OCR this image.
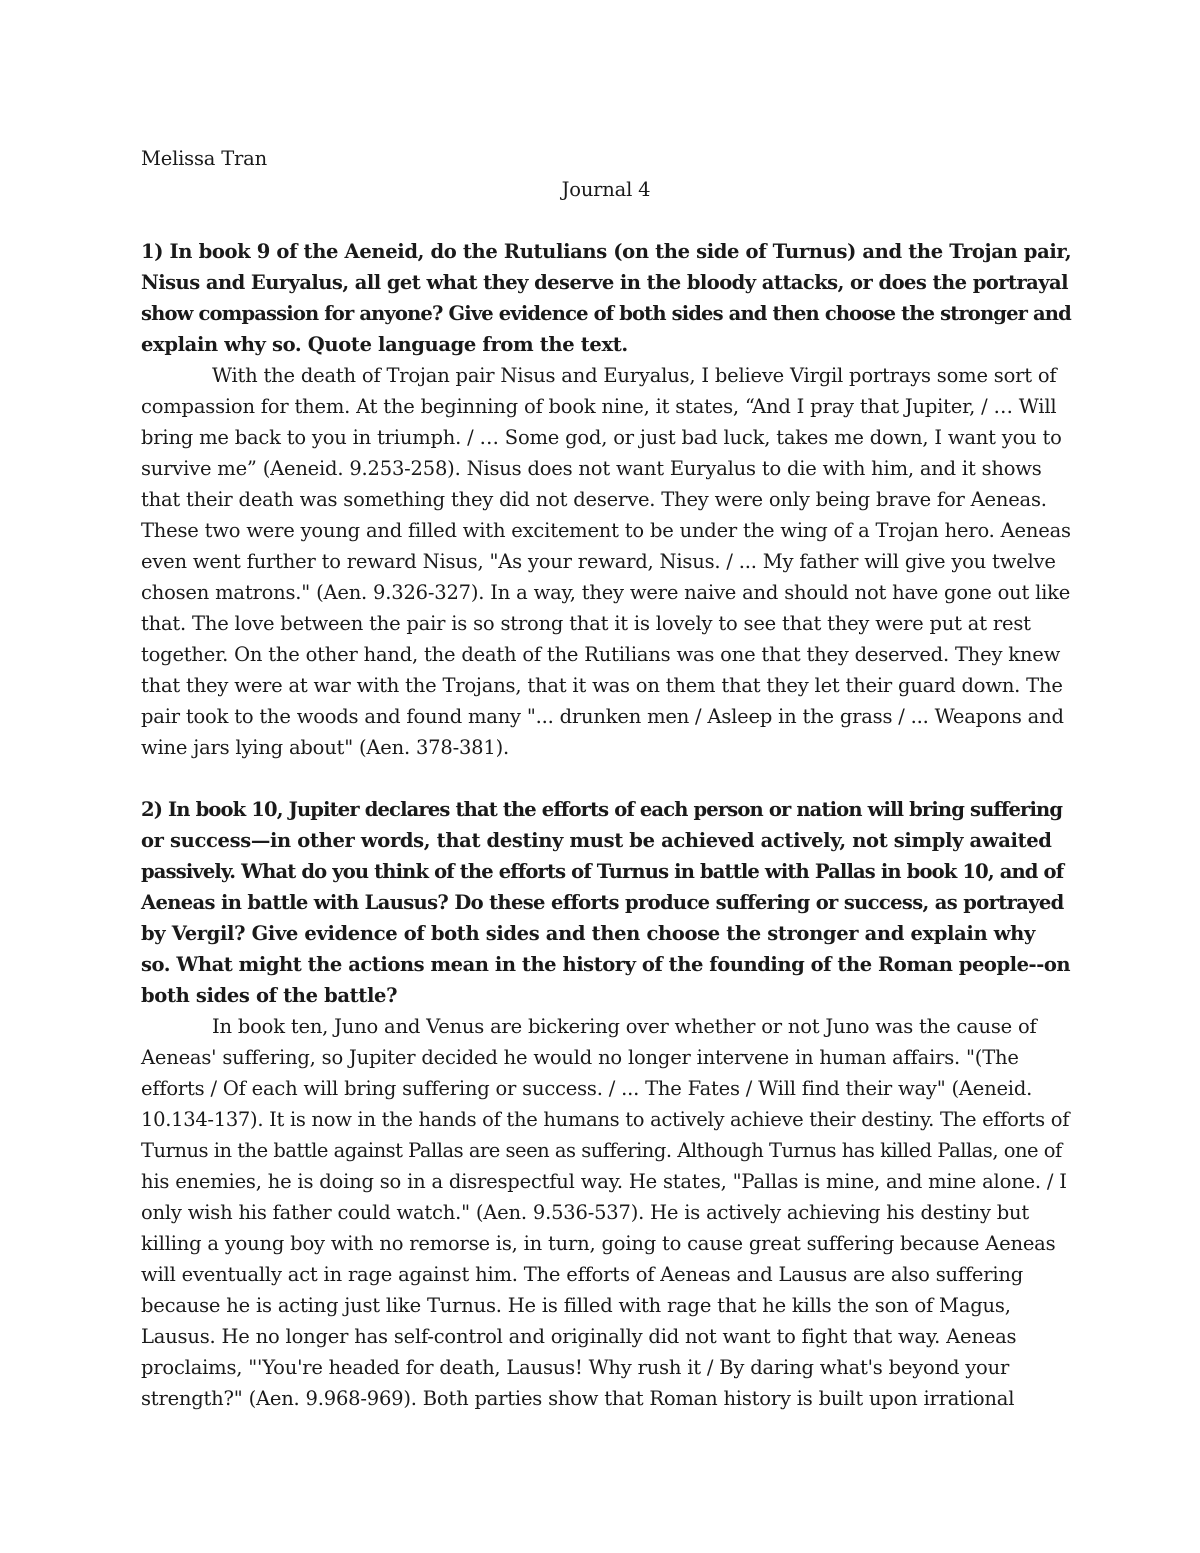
Melissa Tran
Journal 4
1) In book 9 of the Aeneid, do the Rutulians (on the side of Turnus) and the Trojan pair,
Nisus and Euryalus, all get what they deserve in the bloody attacks, or does the portrayal
show compassion for anyone? Give evidence of both sides and then choose the stronger and
explain why so. Quote language from the text.
With the death of Trojan pair Nisus and Euryalus, I believe Virgil portrays some sort of
compassion for them. At the beginning of book nine, it states, “And I pray that Jupiter, / … Will
bring me back to you in triumph. / … Some god, or just bad luck, takes me down, I want you to
survive me” (Aeneid. 9.253-258). Nisus does not want Euryalus to die with him, and it shows
that their death was something they did not deserve. They were only being brave for Aeneas.
These two were young and filled with excitement to be under the wing of a Trojan hero. Aeneas
even went further to reward Nisus, "As your reward, Nisus. / ... My father will give you twelve
chosen matrons." (Aen. 9.326-327). In a way, they were naive and should not have gone out like
that. The love between the pair is so strong that it is lovely to see that they were put at rest
together. On the other hand, the death of the Rutilians was one that they deserved. They knew
that they were at war with the Trojans, that it was on them that they let their guard down. The
pair took to the woods and found many "... drunken men / Asleep in the grass / ... Weapons and
wine jars lying about" (Aen. 378-381).
2) In book 10, Jupiter declares that the efforts of each person or nation will bring suffering
or success—in other words, that destiny must be achieved actively, not simply awaited
passively. What do you think of the efforts of Turnus in battle with Pallas in book 10, and of
Aeneas in battle with Lausus? Do these efforts produce suffering or success, as portrayed
by Vergil? Give evidence of both sides and then choose the stronger and explain why
so. What might the actions mean in the history of the founding of the Roman people--on
both sides of the battle?
In book ten, Juno and Venus are bickering over whether or not Juno was the cause of
Aeneas' suffering, so Jupiter decided he would no longer intervene in human affairs. "(The
efforts / Of each will bring suffering or success. / ... The Fates / Will find their way" (Aeneid.
10.134-137). It is now in the hands of the humans to actively achieve their destiny. The efforts of
Turnus in the battle against Pallas are seen as suffering. Although Turnus has killed Pallas, one of
his enemies, he is doing so in a disrespectful way. He states, "Pallas is mine, and mine alone. / I
only wish his father could watch." (Aen. 9.536-537). He is actively achieving his destiny but
killing a young boy with no remorse is, in turn, going to cause great suffering because Aeneas
will eventually act in rage against him. The efforts of Aeneas and Lausus are also suffering
because he is acting just like Turnus. He is filled with rage that he kills the son of Magus,
Lausus. He no longer has self-control and originally did not want to fight that way. Aeneas
proclaims, "'You're headed for death, Lausus! Why rush it / By daring what's beyond your
strength?" (Aen. 9.968-969). Both parties show that Roman history is built upon irrational
